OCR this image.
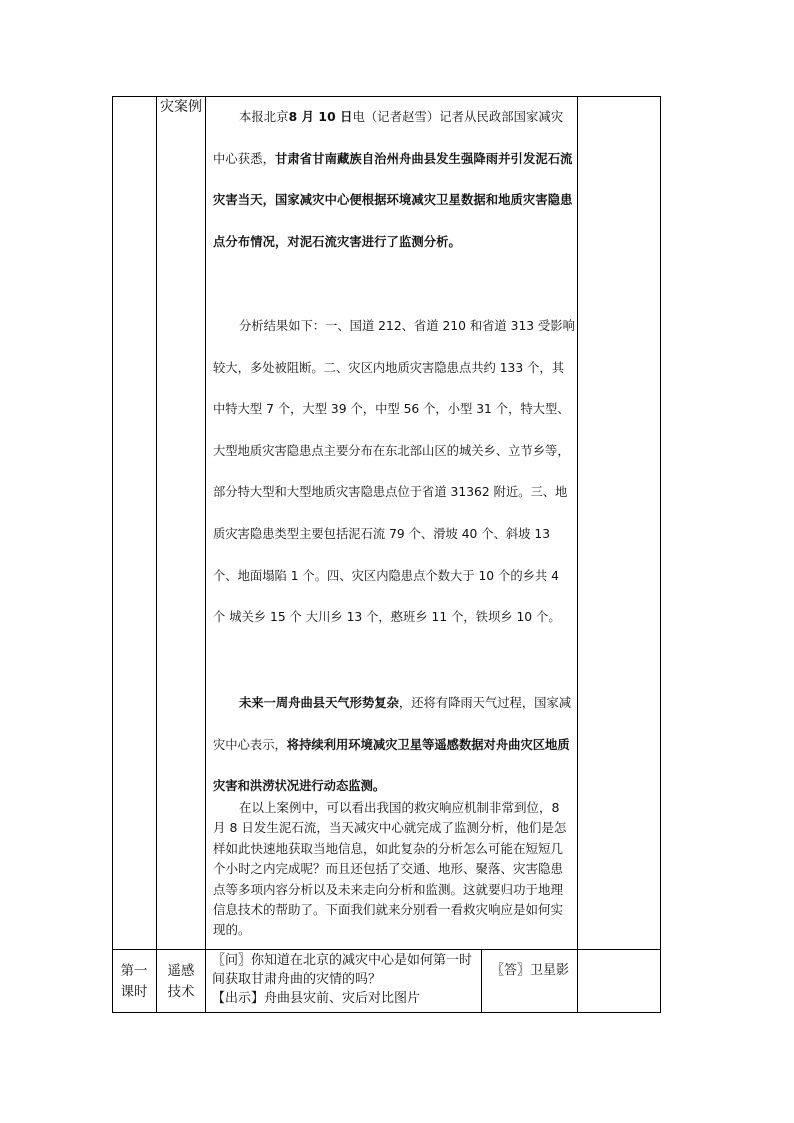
灾案例
本报北京8 月 10 日电（记者赵雪）记者从民政部国家减灾中心获悉，甘肃省甘南藏族自治州舟曲县发生强降雨并引发泥石流灾害当天，国家减灾中心便根据环境减灾卫星数据和地质灾害隐患点分布情况，对泥石流灾害进行了监测分析。
分析结果如下：一、国道 212、省道 210 和省道 313 受影响较大，多处被阻断。二、灾区内地质灾害隐患点共约 133 个，其中特大型 7 个，大型 39 个，中型 56 个，小型 31 个，特大型、大型地质灾害隐患点主要分布在东北部山区的城关乡、立节乡等，部分特大型和大型地质灾害隐患点位于省道 31362 附近。三、地质灾害隐患类型主要包括泥石流 79 个、滑坡 40 个、斜坡 13 个、地面塌陷 1 个。四、灾区内隐患点个数大于 10 个的乡共 4 个 城关乡 15 个 大川乡 13 个，憨班乡 11 个，铁坝乡 10 个。
未来一周舟曲县天气形势复杂，还将有降雨天气过程，国家减灾中心表示，将持续利用环境减灾卫星等遥感数据对舟曲灾区地质灾害和洪涝状况进行动态监测。
在以上案例中，可以看出我国的救灾响应机制非常到位，8 月 8 日发生泥石流，当天减灾中心就完成了监测分析，他们是怎样如此快速地获取当地信息，如此复杂的分析怎么可能在短短几个小时之内完成呢？而且还包括了交通、地形、聚落、灾害隐患点等多项内容分析以及未来走向分析和监测。这就要归功于地理信息技术的帮助了。下面我们就来分别看一看救灾响应是如何实现的。
第一课时
遥感技术
〖问〗你知道在北京的减灾中心是如何第一时间获取甘肃舟曲的灾情的吗？
【出示】舟曲县灾前、灾后对比图片
〖答〗卫星影
